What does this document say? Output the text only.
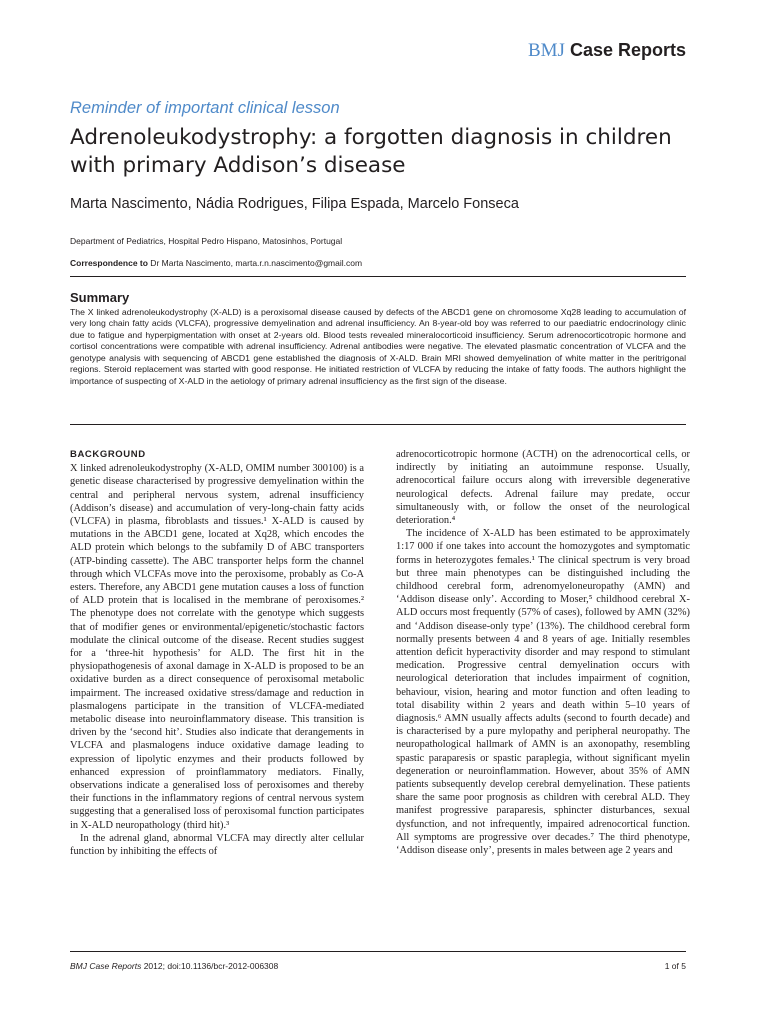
BMJ Case Reports
Reminder of important clinical lesson
Adrenoleukodystrophy: a forgotten diagnosis in children with primary Addison’s disease
Marta Nascimento, Nádia Rodrigues, Filipa Espada, Marcelo Fonseca
Department of Pediatrics, Hospital Pedro Hispano, Matosinhos, Portugal
Correspondence to Dr Marta Nascimento, marta.r.n.nascimento@gmail.com
Summary
The X linked adrenoleukodystrophy (X-ALD) is a peroxisomal disease caused by defects of the ABCD1 gene on chromosome Xq28 leading to accumulation of very long chain fatty acids (VLCFA), progressive demyelination and adrenal insufficiency. An 8-year-old boy was referred to our paediatric endocrinology clinic due to fatigue and hyperpigmentation with onset at 2-years old. Blood tests revealed mineralocorticoid insufficiency. Serum adrenocorticotropic hormone and cortisol concentrations were compatible with adrenal insufficiency. Adrenal antibodies were negative. The elevated plasmatic concentration of VLCFA and the genotype analysis with sequencing of ABCD1 gene established the diagnosis of X-ALD. Brain MRI showed demyelination of white matter in the peritrigonal regions. Steroid replacement was started with good response. He initiated restriction of VLCFA by reducing the intake of fatty foods. The authors highlight the importance of suspecting of X-ALD in the aetiology of primary adrenal insufficiency as the first sign of the disease.
BACKGROUND

X linked adrenoleukodystrophy (X-ALD, OMIM number 300100) is a genetic disease characterised by progressive demyelination within the central and peripheral nervous system, adrenal insufficiency (Addison’s disease) and accumulation of very-long-chain fatty acids (VLCFA) in plasma, fibroblasts and tissues.¹ X-ALD is caused by mutations in the ABCD1 gene, located at Xq28, which encodes the ALD protein which belongs to the subfamily D of ABC transporters (ATP-binding cassette). The ABC transporter helps form the channel through which VLCFAs move into the peroxisome, probably as Co-A esters. Therefore, any ABCD1 gene mutation causes a loss of function of ALD protein that is localised in the membrane of peroxisomes.² The phenotype does not correlate with the genotype which suggests that of modifier genes or environmental/epigenetic/stochastic factors modulate the clinical outcome of the disease. Recent studies suggest for a ‘three-hit hypothesis’ for ALD. The first hit in the physiopathogenesis of axonal damage in X-ALD is proposed to be an oxidative burden as a direct consequence of peroxisomal metabolic impairment. The increased oxidative stress/damage and reduction in plasmalogens participate in the transition of VLCFA-mediated metabolic disease into neuroinflammatory disease. This transition is driven by the ‘second hit’. Studies also indicate that derangements in VLCFA and plasmalogens induce oxidative damage leading to expression of lipolytic enzymes and their products followed by enhanced expression of proinflammatory mediators. Finally, observations indicate a generalised loss of peroxisomes and thereby their functions in the inflammatory regions of central nervous system suggesting that a generalised loss of peroxisomal function participates in X-ALD neuropathology (third hit).³

In the adrenal gland, abnormal VLCFA may directly alter cellular function by inhibiting the effects of

adrenocorticotropic hormone (ACTH) on the adrenocortical cells, or indirectly by initiating an autoimmune response. Usually, adrenocortical failure occurs along with irreversible degenerative neurological defects. Adrenal failure may predate, occur simultaneously with, or follow the onset of the neurological deterioration.⁴

The incidence of X-ALD has been estimated to be approximately 1:17 000 if one takes into account the homozygotes and symptomatic forms in heterozygotes females.¹ The clinical spectrum is very broad but three main phenotypes can be distinguished including the childhood cerebral form, adrenomyeloneuropathy (AMN) and ‘Addison disease only’. According to Moser,⁵ childhood cerebral X-ALD occurs most frequently (57% of cases), followed by AMN (32%) and ‘Addison disease-only type’ (13%). The childhood cerebral form normally presents between 4 and 8 years of age. Initially resembles attention deficit hyperactivity disorder and may respond to stimulant medication. Progressive central demyelination occurs with neurological deterioration that includes impairment of cognition, behaviour, vision, hearing and motor function and often leading to total disability within 2 years and death within 5–10 years of diagnosis.⁶ AMN usually affects adults (second to fourth decade) and is characterised by a pure mylopathy and peripheral neuropathy. The neuropathological hallmark of AMN is an axonopathy, resembling spastic paraparesis or spastic paraplegia, without significant myelin degeneration or neuroinflammation. However, about 35% of AMN patients subsequently develop cerebral demyelination. These patients share the same poor prognosis as children with cerebral ALD. They manifest progressive paraparesis, sphincter disturbances, sexual dysfunction, and not infrequently, impaired adrenocortical function. All symptoms are progressive over decades.⁷ The third phenotype, ‘Addison disease only’, presents in males between age 2 years and

BMJ Case Reports 2012; doi:10.1136/bcr-2012-006308	1 of 5
